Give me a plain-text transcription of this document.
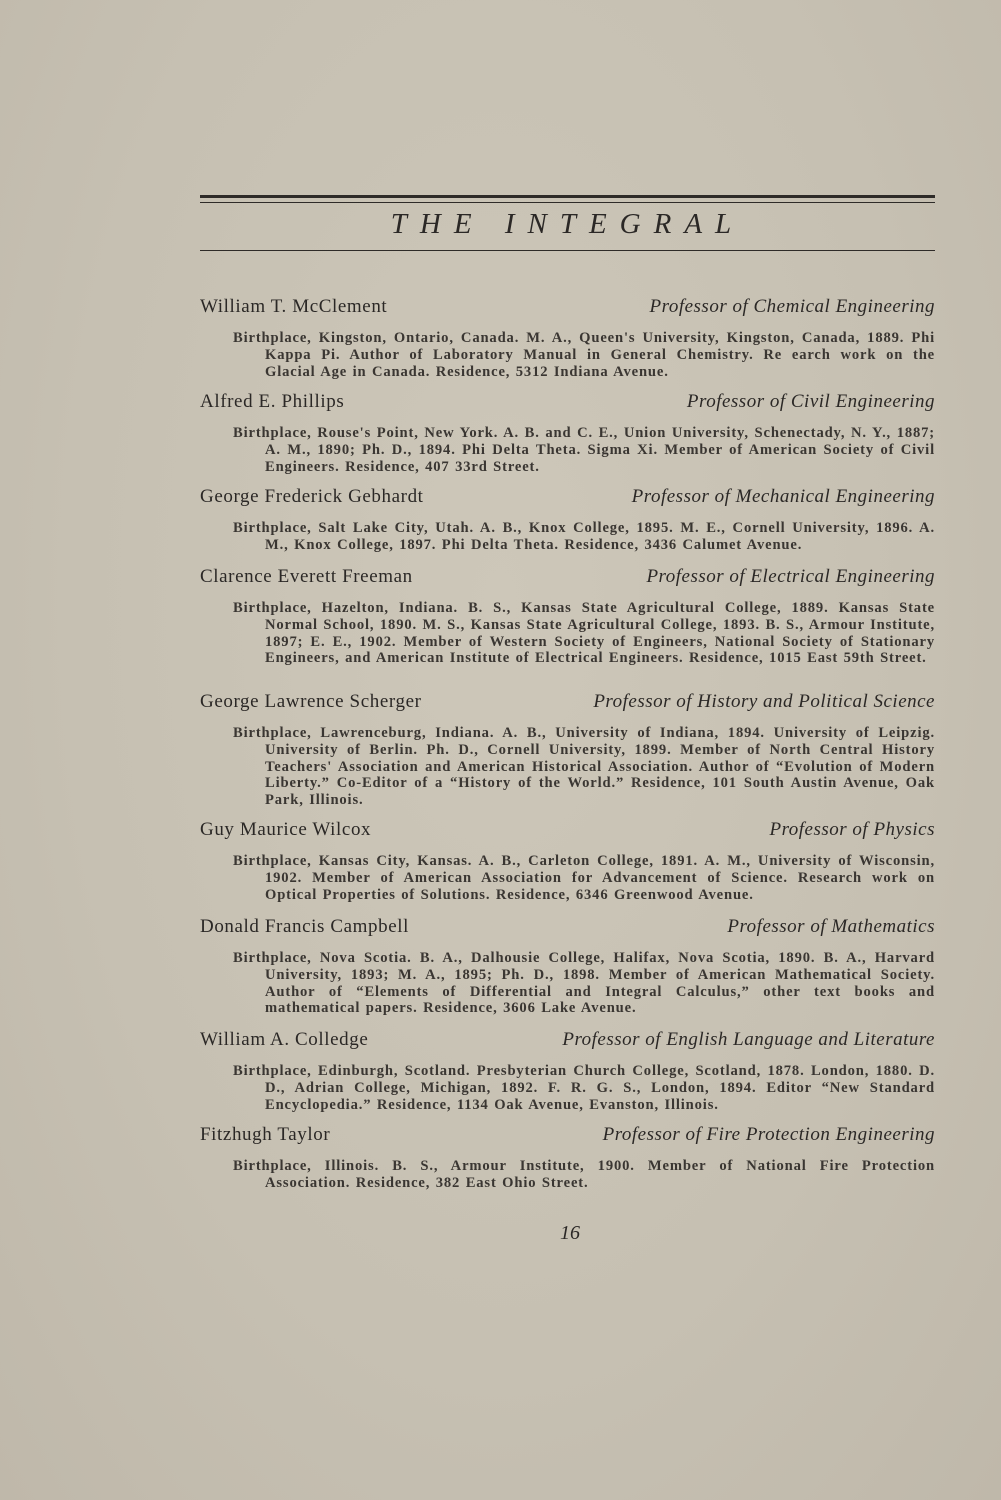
THE INTEGRAL
William T. McClement	Professor of Chemical Engineering
Birthplace, Kingston, Ontario, Canada. M. A., Queen's University, Kingston, Canada, 1889. Phi Kappa Pi. Author of Laboratory Manual in General Chemistry. Re earch work on the Glacial Age in Canada. Residence, 5312 Indiana Avenue.
Alfred E. Phillips	Professor of Civil Engineering
Birthplace, Rouse's Point, New York. A. B. and C. E., Union University, Schenectady, N. Y., 1887; A. M., 1890; Ph. D., 1894. Phi Delta Theta. Sigma Xi. Member of American Society of Civil Engineers. Residence, 407 33rd Street.
George Frederick Gebhardt	Professor of Mechanical Engineering
Birthplace, Salt Lake City, Utah. A. B., Knox College, 1895. M. E., Cornell University, 1896. A. M., Knox College, 1897. Phi Delta Theta. Residence, 3436 Calumet Avenue.
Clarence Everett Freeman	Professor of Electrical Engineering
Birthplace, Hazelton, Indiana. B. S., Kansas State Agricultural College, 1889. Kansas State Normal School, 1890. M. S., Kansas State Agricultural College, 1893. B. S., Armour Institute, 1897; E. E., 1902. Member of Western Society of Engineers, National Society of Stationary Engineers, and American Institute of Electrical Engineers. Residence, 1015 East 59th Street.
George Lawrence Scherger	Professor of History and Political Science
Birthplace, Lawrenceburg, Indiana. A. B., University of Indiana, 1894. University of Leipzig. University of Berlin. Ph. D., Cornell University, 1899. Member of North Central History Teachers' Association and American Historical Association. Author of “Evolution of Modern Liberty.” Co-Editor of a “History of the World.” Residence, 101 South Austin Avenue, Oak Park, Illinois.
Guy Maurice Wilcox	Professor of Physics
Birthplace, Kansas City, Kansas. A. B., Carleton College, 1891. A. M., University of Wisconsin, 1902. Member of American Association for Advancement of Science. Research work on Optical Properties of Solutions. Residence, 6346 Greenwood Avenue.
Donald Francis Campbell	Professor of Mathematics
Birthplace, Nova Scotia. B. A., Dalhousie College, Halifax, Nova Scotia, 1890. B. A., Harvard University, 1893; M. A., 1895; Ph. D., 1898. Member of American Mathematical Society. Author of “Elements of Differential and Integral Calculus,” other text books and mathematical papers. Residence, 3606 Lake Avenue.
William A. Colledge	Professor of English Language and Literature
Birthplace, Edinburgh, Scotland. Presbyterian Church College, Scotland, 1878. London, 1880. D. D., Adrian College, Michigan, 1892. F. R. G. S., London, 1894. Editor “New Standard Encyclopedia.” Residence, 1134 Oak Avenue, Evanston, Illinois.
Fitzhugh Taylor	Professor of Fire Protection Engineering
Birthplace, Illinois. B. S., Armour Institute, 1900. Member of National Fire Protection Association. Residence, 382 East Ohio Street.
16
